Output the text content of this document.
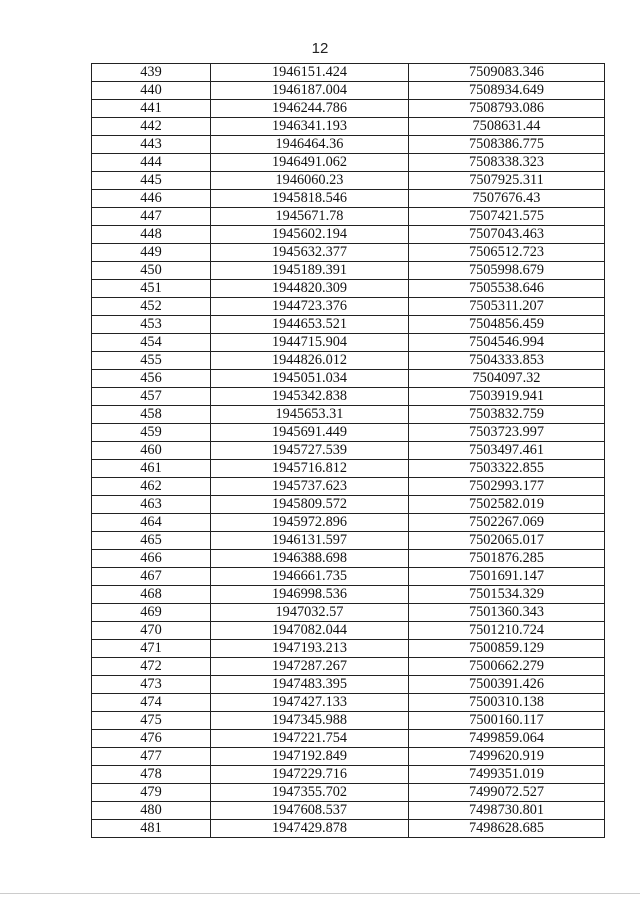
12
439	1946151.424	7509083.346
440	1946187.004	7508934.649
441	1946244.786	7508793.086
442	1946341.193	7508631.44
443	1946464.36	7508386.775
444	1946491.062	7508338.323
445	1946060.23	7507925.311
446	1945818.546	7507676.43
447	1945671.78	7507421.575
448	1945602.194	7507043.463
449	1945632.377	7506512.723
450	1945189.391	7505998.679
451	1944820.309	7505538.646
452	1944723.376	7505311.207
453	1944653.521	7504856.459
454	1944715.904	7504546.994
455	1944826.012	7504333.853
456	1945051.034	7504097.32
457	1945342.838	7503919.941
458	1945653.31	7503832.759
459	1945691.449	7503723.997
460	1945727.539	7503497.461
461	1945716.812	7503322.855
462	1945737.623	7502993.177
463	1945809.572	7502582.019
464	1945972.896	7502267.069
465	1946131.597	7502065.017
466	1946388.698	7501876.285
467	1946661.735	7501691.147
468	1946998.536	7501534.329
469	1947032.57	7501360.343
470	1947082.044	7501210.724
471	1947193.213	7500859.129
472	1947287.267	7500662.279
473	1947483.395	7500391.426
474	1947427.133	7500310.138
475	1947345.988	7500160.117
476	1947221.754	7499859.064
477	1947192.849	7499620.919
478	1947229.716	7499351.019
479	1947355.702	7499072.527
480	1947608.537	7498730.801
481	1947429.878	7498628.685
